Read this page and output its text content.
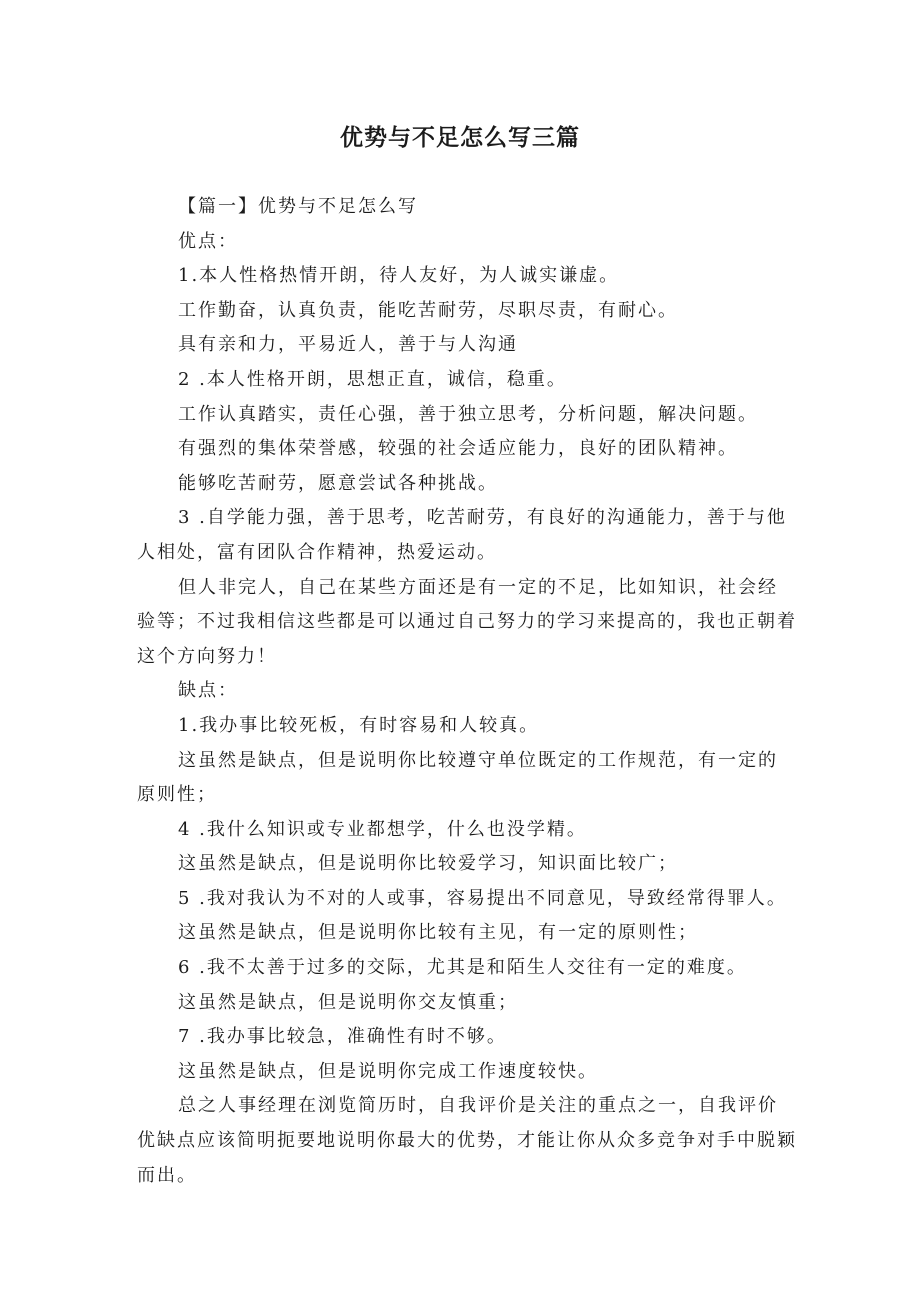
优势与不足怎么写三篇

【篇一】优势与不足怎么写

优点：

1.本人性格热情开朗，待人友好，为人诚实谦虚。

工作勤奋，认真负责，能吃苦耐劳，尽职尽责，有耐心。

具有亲和力，平易近人，善于与人沟通

2 .本人性格开朗，思想正直，诚信，稳重。

工作认真踏实，责任心强，善于独立思考，分析问题，解决问题。

有强烈的集体荣誉感，较强的社会适应能力，良好的团队精神。

能够吃苦耐劳，愿意尝试各种挑战。

3 .自学能力强，善于思考，吃苦耐劳，有良好的沟通能力，善于与他人相处，富有团队合作精神，热爱运动。

但人非完人，自己在某些方面还是有一定的不足，比如知识，社会经验等；不过我相信这些都是可以通过自己努力的学习来提高的，我也正朝着这个方向努力！

缺点：

1.我办事比较死板，有时容易和人较真。

这虽然是缺点，但是说明你比较遵守单位既定的工作规范，有一定的原则性；

4 .我什么知识或专业都想学，什么也没学精。

这虽然是缺点，但是说明你比较爱学习，知识面比较广；

5 .我对我认为不对的人或事，容易提出不同意见，导致经常得罪人。

这虽然是缺点，但是说明你比较有主见，有一定的原则性；

6 .我不太善于过多的交际，尤其是和陌生人交往有一定的难度。

这虽然是缺点，但是说明你交友慎重；

7 .我办事比较急，准确性有时不够。

这虽然是缺点，但是说明你完成工作速度较快。

总之人事经理在浏览简历时，自我评价是关注的重点之一，自我评价优缺点应该简明扼要地说明你最大的优势，才能让你从众多竞争对手中脱颖而出。
